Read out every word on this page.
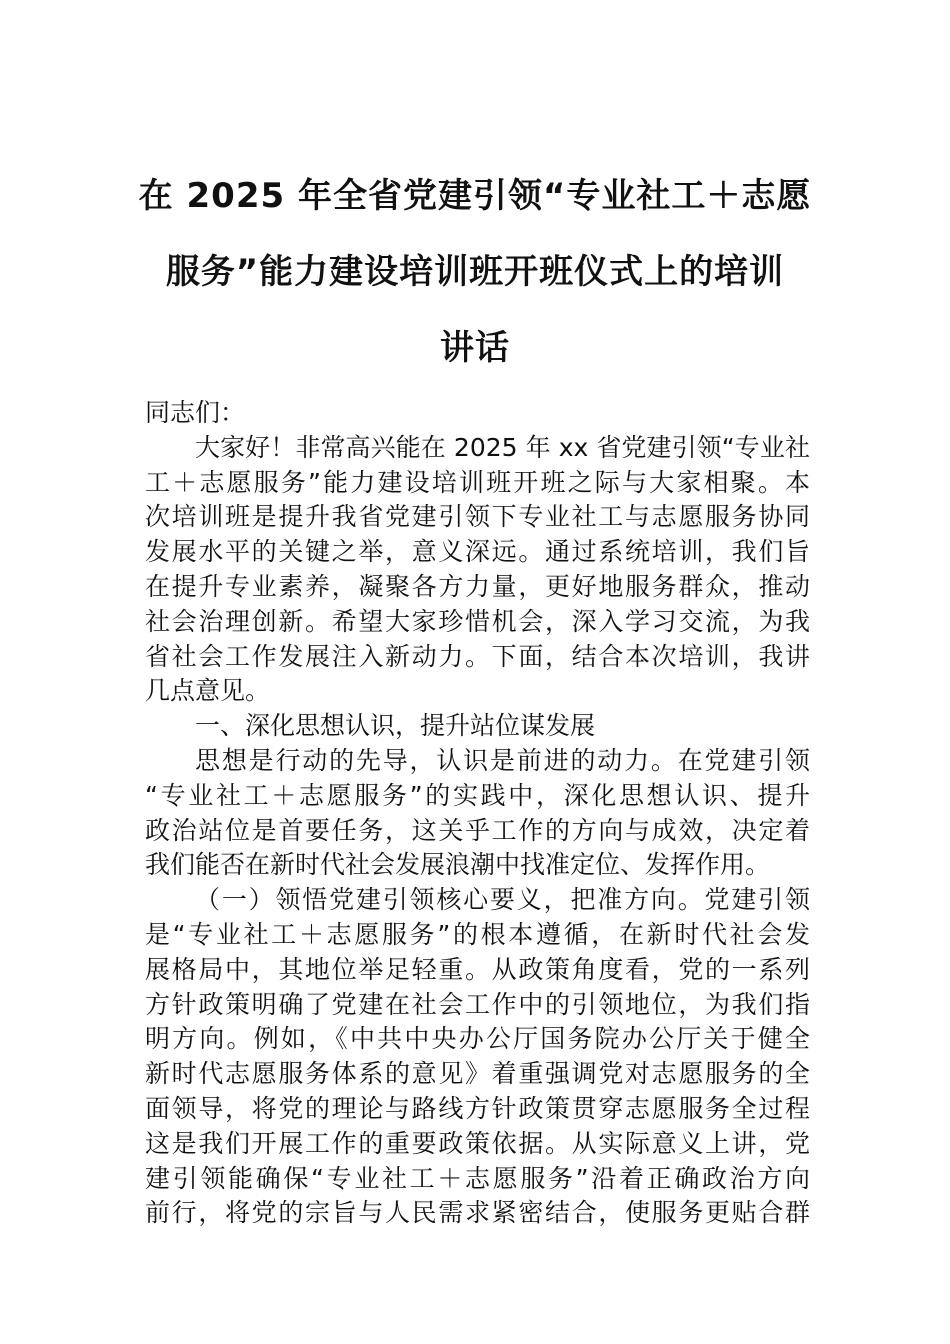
在 2025 年全省党建引领“专业社工＋志愿
服务”能力建设培训班开班仪式上的培训
讲话
同志们：
大家好！非常高兴能在 2025 年 xx 省党建引领“专业社
工＋志愿服务”能力建设培训班开班之际与大家相聚。本
次培训班是提升我省党建引领下专业社工与志愿服务协同
发展水平的关键之举，意义深远。通过系统培训，我们旨
在提升专业素养，凝聚各方力量，更好地服务群众，推动
社会治理创新。希望大家珍惜机会，深入学习交流，为我
省社会工作发展注入新动力。下面，结合本次培训，我讲
几点意见。
一、深化思想认识，提升站位谋发展
思想是行动的先导，认识是前进的动力。在党建引领
“专业社工＋志愿服务”的实践中，深化思想认识、提升
政治站位是首要任务，这关乎工作的方向与成效，决定着
我们能否在新时代社会发展浪潮中找准定位、发挥作用。
（一）领悟党建引领核心要义，把准方向。党建引领
是“专业社工＋志愿服务”的根本遵循，在新时代社会发
展格局中，其地位举足轻重。从政策角度看，党的一系列
方针政策明确了党建在社会工作中的引领地位，为我们指
明方向。例如，《中共中央办公厅国务院办公厅关于健全
新时代志愿服务体系的意见》着重强调党对志愿服务的全
面领导，将党的理论与路线方针政策贯穿志愿服务全过程
这是我们开展工作的重要政策依据。从实际意义上讲，党
建引领能确保“专业社工＋志愿服务”沿着正确政治方向
前行，将党的宗旨与人民需求紧密结合，使服务更贴合群
